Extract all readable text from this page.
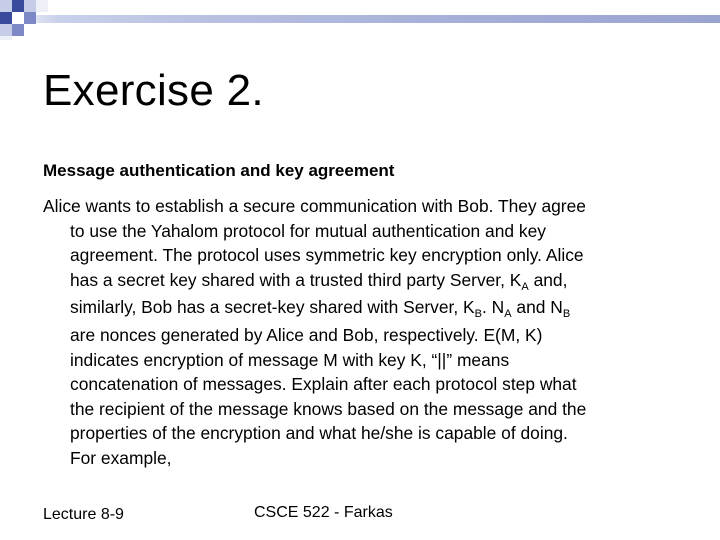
Exercise 2.
Message authentication and key agreement
Alice wants to establish a secure communication with Bob. They agree
to use the Yahalom protocol for mutual authentication and key
agreement. The protocol uses symmetric key encryption only. Alice
has a secret key shared with a trusted third party Server, $K_A$ and,
similarly, Bob has a secret-key shared with Server, $K_B$. $N_A$ and $N_B$
are nonces generated by Alice and Bob, respectively. E(M, K)
indicates encryption of message M with key K, “||” means
concatenation of messages. Explain after each protocol step what
the recipient of the message knows based on the message and the
properties of the encryption and what he/she is capable of doing.
For example,
Lecture 8-9	CSCE 522 - Farkas
